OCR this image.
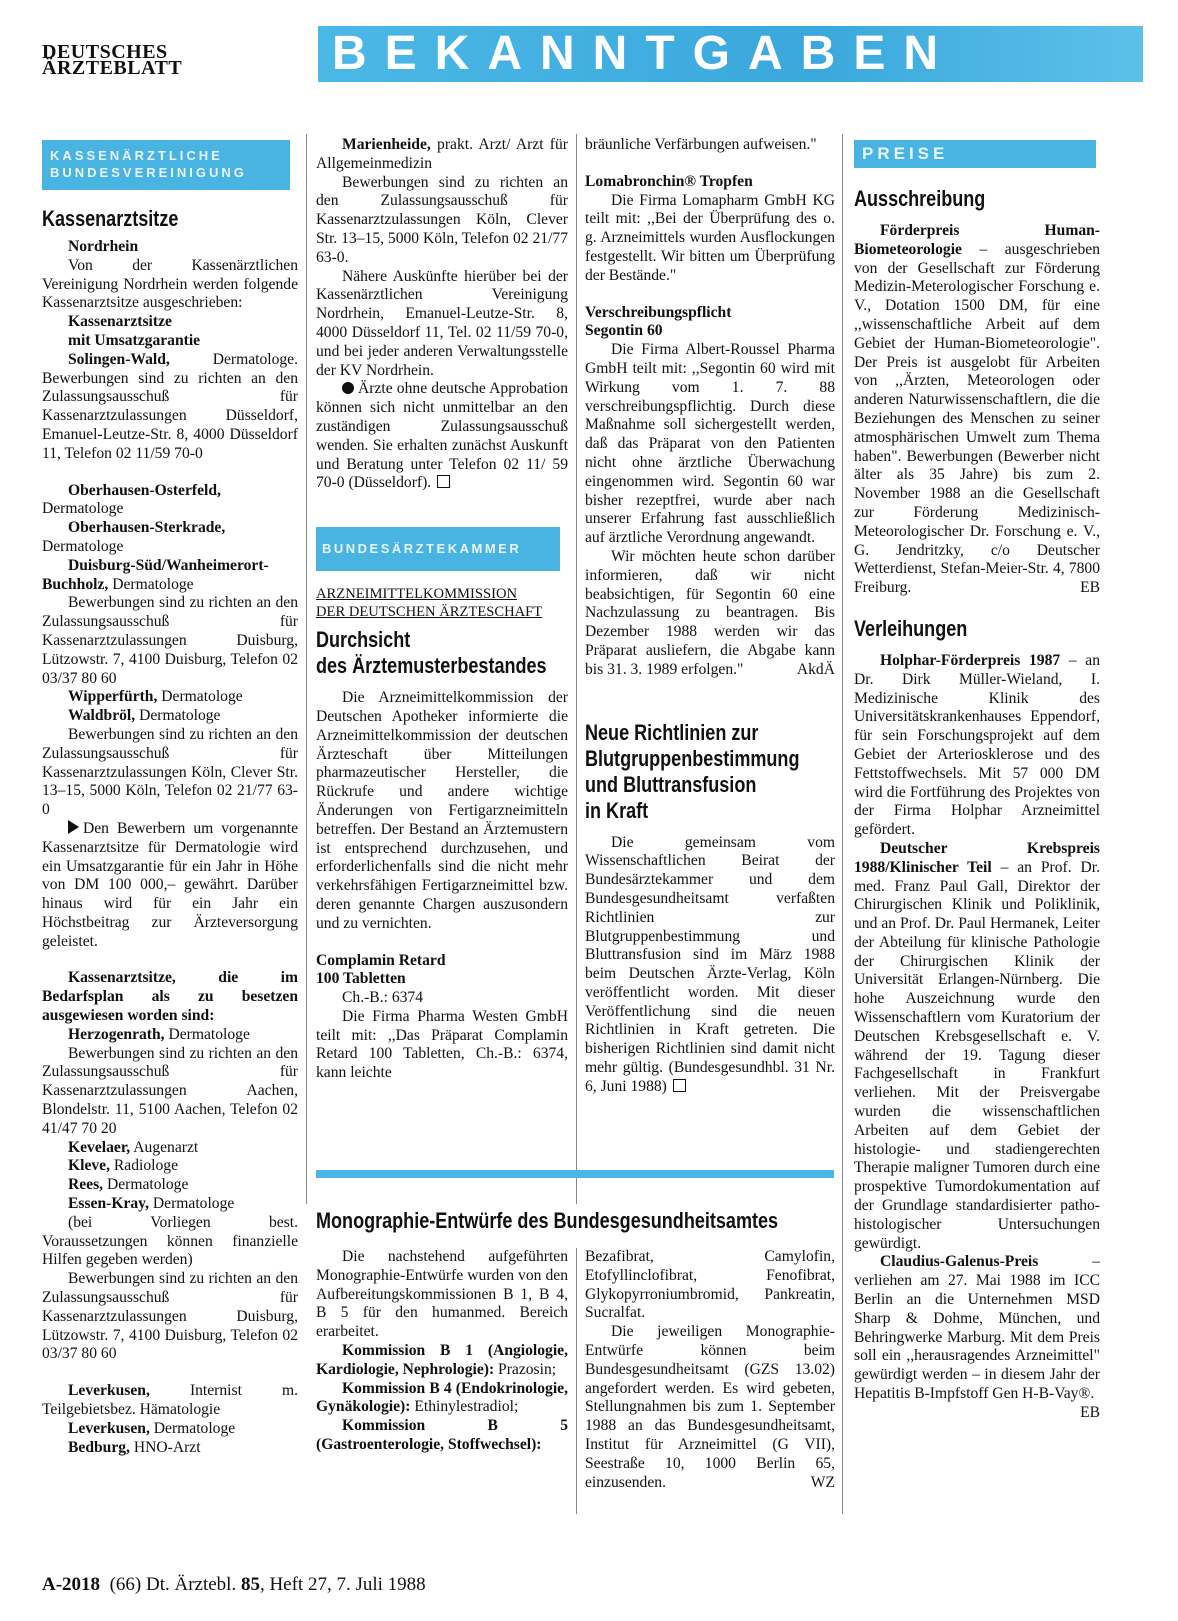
DEUTSCHES
ÄRZTEBLATT	BEKANNTGABEN
KASSENÄRZTLICHE
BUNDESVEREINIGUNG

Kassenarztsitze

Nordrhein

Von der Kassenärztlichen Vereinigung Nordrhein werden folgende Kassenarztsitze ausgeschrieben:

Kassenarztsitze

mit Umsatzgarantie

Solingen-Wald, Dermatologe. Bewerbungen sind zu richten an den Zulassungsausschuß für Kassenarztzulassungen Düsseldorf, Emanuel-Leutze-Str. 8, 4000 Düsseldorf 11, Telefon 02 11/59 70-0

Oberhausen-Osterfeld, Dermatologe

Oberhausen-Sterkrade, Dermatologe

Duisburg-Süd/Wanheimerort-Buchholz, Dermatologe

Bewerbungen sind zu richten an den Zulassungsausschuß für Kassenarztzulassungen Duisburg, Lützowstr. 7, 4100 Duisburg, Telefon 02 03/37 80 60

Wipperfürth, Dermatologe

Waldbröl, Dermatologe

Bewerbungen sind zu richten an den Zulassungsausschuß für Kassenarztzulassungen Köln, Clever Str. 13–15, 5000 Köln, Telefon 02 21/77 63-0

Den Bewerbern um vorgenannte Kassenarztsitze für Dermatologie wird ein Umsatzgarantie für ein Jahr in Höhe von DM 100 000,– gewährt. Darüber hinaus wird für ein Jahr ein Höchstbeitrag zur Ärzteversorgung geleistet.

Kassenarztsitze, die im Bedarfsplan als zu besetzen ausgewiesen worden sind:

Herzogenrath, Dermatologe

Bewerbungen sind zu richten an den Zulassungsausschuß für Kassenarztzulassungen Aachen, Blondelstr. 11, 5100 Aachen, Telefon 02 41/47 70 20

Kevelaer, Augenarzt

Kleve, Radiologe

Rees, Dermatologe

Essen-Kray, Dermatologe

(bei Vorliegen best. Voraussetzungen können finanzielle Hilfen gegeben werden)

Bewerbungen sind zu richten an den Zulassungsausschuß für Kassenarztzulassungen Duisburg, Lützowstr. 7, 4100 Duisburg, Telefon 02 03/37 80 60

Leverkusen, Internist m. Teilgebietsbez. Hämatologie

Leverkusen, Dermatologe

Bedburg, HNO-Arzt

Marienheide, prakt. Arzt/ Arzt für Allgemeinmedizin

Bewerbungen sind zu richten an den Zulassungsausschuß für Kassenarztzulassungen Köln, Clever Str. 13–15, 5000 Köln, Telefon 02 21/77 63-0.

Nähere Auskünfte hierüber bei der Kassenärztlichen Vereinigung Nordrhein, Emanuel-Leutze-Str. 8, 4000 Düsseldorf 11, Tel. 02 11/59 70-0, und bei jeder anderen Verwaltungsstelle der KV Nordrhein.

Ärzte ohne deutsche Approbation können sich nicht unmittelbar an den zuständigen Zulassungsausschuß wenden. Sie erhalten zunächst Auskunft und Beratung unter Telefon 02 11/ 59 70-0 (Düsseldorf).

BUNDESÄRZTEKAMMER

ARZNEIMITTELKOMMISSION

DER DEUTSCHEN ÄRZTESCHAFT

Durchsicht

des Ärztemusterbestandes

Die Arzneimittelkommission der Deutschen Apotheker informierte die Arzneimittelkommission der deutschen Ärzteschaft über Mitteilungen pharmazeutischer Hersteller, die Rückrufe und andere wichtige Änderungen von Fertigarzneimitteln betreffen. Der Bestand an Ärztemustern ist entsprechend durchzusehen, und erforderlichenfalls sind die nicht mehr verkehrsfähigen Fertigarzneimittel bzw. deren genannte Chargen auszusondern und zu vernichten.

Complamin Retard

100 Tabletten

Ch.-B.: 6374

Die Firma Pharma Westen GmbH teilt mit: ,,Das Präparat Complamin Retard 100 Tabletten, Ch.-B.: 6374, kann leichte

bräunliche Verfärbungen aufweisen."

Lomabronchin® Tropfen

Die Firma Lomapharm GmbH KG teilt mit: ,,Bei der Überprüfung des o. g. Arzneimittels wurden Ausflockungen festgestellt. Wir bitten um Überprüfung der Bestände."

Verschreibungspflicht

Segontin 60

Die Firma Albert-Roussel Pharma GmbH teilt mit: ,,Segontin 60 wird mit Wirkung vom 1. 7. 88 verschreibungspflichtig. Durch diese Maßnahme soll sichergestellt werden, daß das Präparat von den Patienten nicht ohne ärztliche Überwachung eingenommen wird. Segontin 60 war bisher rezeptfrei, wurde aber nach unserer Erfahrung fast ausschließlich auf ärztliche Verordnung angewandt.

Wir möchten heute schon darüber informieren, daß wir nicht beabsichtigen, für Segontin 60 eine Nachzulassung zu beantragen. Bis Dezember 1988 werden wir das Präparat ausliefern, die Abgabe kann bis 31. 3. 1989 erfolgen."	AkdÄ

Neue Richtlinien zur

Blutgruppenbestimmung

und Bluttransfusion

in Kraft

Die gemeinsam vom Wissenschaftlichen Beirat der Bundesärztekammer und dem Bundesgesundheitsamt verfaßten Richtlinien zur Blutgruppenbestimmung und Bluttransfusion sind im März 1988 beim Deutschen Ärzte-Verlag, Köln veröffentlicht worden. Mit dieser Veröffentlichung sind die neuen Richtlinien in Kraft getreten. Die bisherigen Richtlinien sind damit nicht mehr gültig. (Bundesgesundhbl. 31 Nr. 6, Juni 1988)

Monographie-Entwürfe des Bundesgesundheitsamtes

Die nachstehend aufgeführten Monographie-Entwürfe wurden von den Aufbereitungskommissionen B 1, B 4, B 5 für den humanmed. Bereich erarbeitet.

Kommission B 1 (Angiologie, Kardiologie, Nephrologie): Prazosin;

Kommission B 4 (Endokrinologie, Gynäkologie): Ethinylestradiol;

Kommission B 5 (Gastroenterologie, Stoffwechsel):

Bezafibrat, Camylofin, Etofyllinclofibrat, Fenofibrat, Glykopyrroniumbromid, Pankreatin, Sucralfat.

Die jeweiligen Monographie-Entwürfe können beim Bundesgesundheitsamt (GZS 13.02) angefordert werden. Es wird gebeten, Stellungnahmen bis zum 1. September 1988 an das Bundesgesundheitsamt, Institut für Arzneimittel (G VII), Seestraße 10, 1000 Berlin 65, einzusenden.	WZ

PREISE

Ausschreibung

Förderpreis Human-Biometeorologie – ausgeschrieben von der Gesellschaft zur Förderung Medizin-Meterologischer Forschung e. V., Dotation 1500 DM, für eine ,,wissenschaftliche Arbeit auf dem Gebiet der Human-Biometeorologie". Der Preis ist ausgelobt für Arbeiten von ,,Ärzten, Meteorologen oder anderen Naturwissenschaftlern, die die Beziehungen des Menschen zu seiner atmosphärischen Umwelt zum Thema haben". Bewerbungen (Bewerber nicht älter als 35 Jahre) bis zum 2. November 1988 an die Gesellschaft zur Förderung Medizinisch-Meteorologischer Dr. Forschung e. V., G. Jendritzky, c/o Deutscher Wetterdienst, Stefan-Meier-Str. 4, 7800 Freiburg.	EB

Verleihungen

Holphar-Förderpreis 1987 – an Dr. Dirk Müller-Wieland, I. Medizinische Klinik des Universitätskrankenhauses Eppendorf, für sein Forschungsprojekt auf dem Gebiet der Arteriosklerose und des Fettstoffwechsels. Mit 57 000 DM wird die Fortführung des Projektes von der Firma Holphar Arzneimittel gefördert.

Deutscher Krebspreis 1988/Klinischer Teil – an Prof. Dr. med. Franz Paul Gall, Direktor der Chirurgischen Klinik und Poliklinik, und an Prof. Dr. Paul Hermanek, Leiter der Abteilung für klinische Pathologie der Chirurgischen Klinik der Universität Erlangen-Nürnberg. Die hohe Auszeichnung wurde den Wissenschaftlern vom Kuratorium der Deutschen Krebsgesellschaft e. V. während der 19. Tagung dieser Fachgesellschaft in Frankfurt verliehen. Mit der Preisvergabe wurden die wissenschaftlichen Arbeiten auf dem Gebiet der histologie- und stadiengerechten Therapie maligner Tumoren durch eine prospektive Tumordokumentation auf der Grundlage standardisierter patho-histologischer Untersuchungen gewürdigt.

Claudius-Galenus-Preis – verliehen am 27. Mai 1988 im ICC Berlin an die Unternehmen MSD Sharp & Dohme, München, und Behringwerke Marburg. Mit dem Preis soll ein ,,herausragendes Arzneimittel" gewürdigt werden – in diesem Jahr der Hepatitis B-Impfstoff Gen H-B-Vay®.
EB

A-2018 (66) Dt. Ärztebl. 85, Heft 27, 7. Juli 1988
